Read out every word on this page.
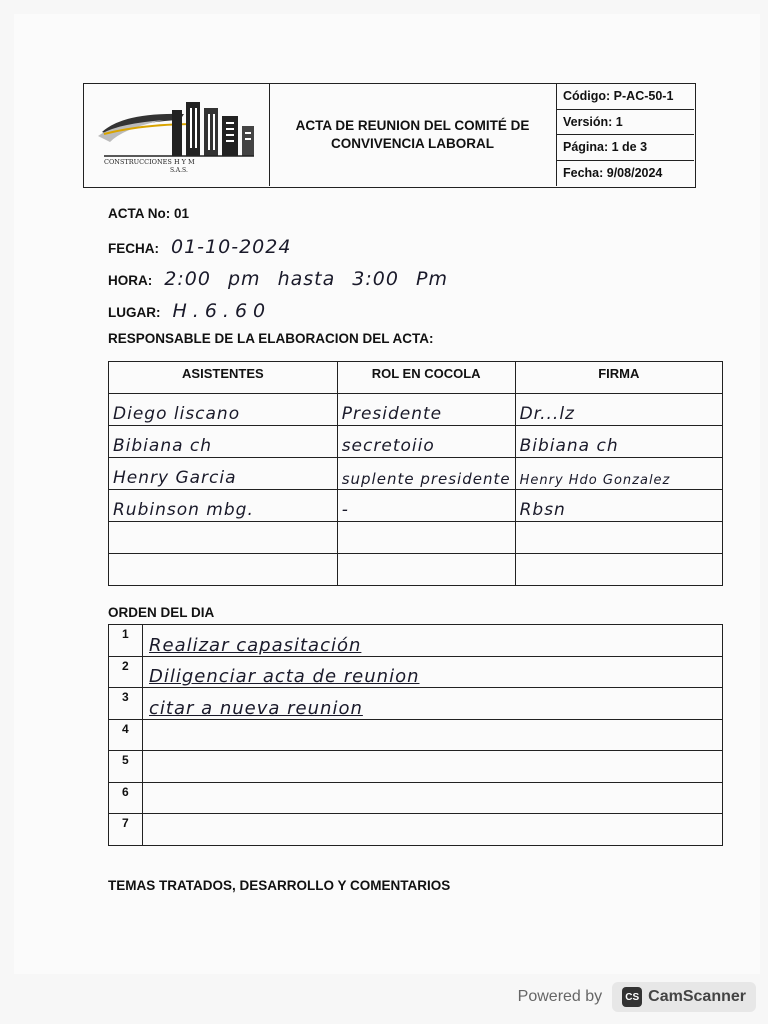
CONSTRUCCIONES H Y M
S.A.S.
ACTA DE REUNION DEL COMITÉ DE
CONVIVENCIA LABORAL
Código: P-AC-50-1
Versión: 1
Página: 1 de 3
Fecha: 9/08/2024
ACTA No: 01
FECHA: 01-10-2024
HORA: 2:00 pm hasta 3:00 Pm
LUGAR: H.6.60
RESPONSABLE DE LA ELABORACION DEL ACTA:
ASISTENTES	ROL EN COCOLA	FIRMA
Diego liscano	Presidente	Dr...lz
Bibiana ch	secretoiio	Bibiana ch
Henry Garcia	suplente presidente	Henry Hdo Gonzalez
Rubinson mbg.	-	Rbsn

ORDEN DEL DIA
1	Realizar capasitación
2	Diligenciar acta de reunion
3	citar a nueva reunion
4	
5	
6	
7	
TEMAS TRATADOS, DESARROLLO Y COMENTARIOS
Powered by	CS CamScanner
